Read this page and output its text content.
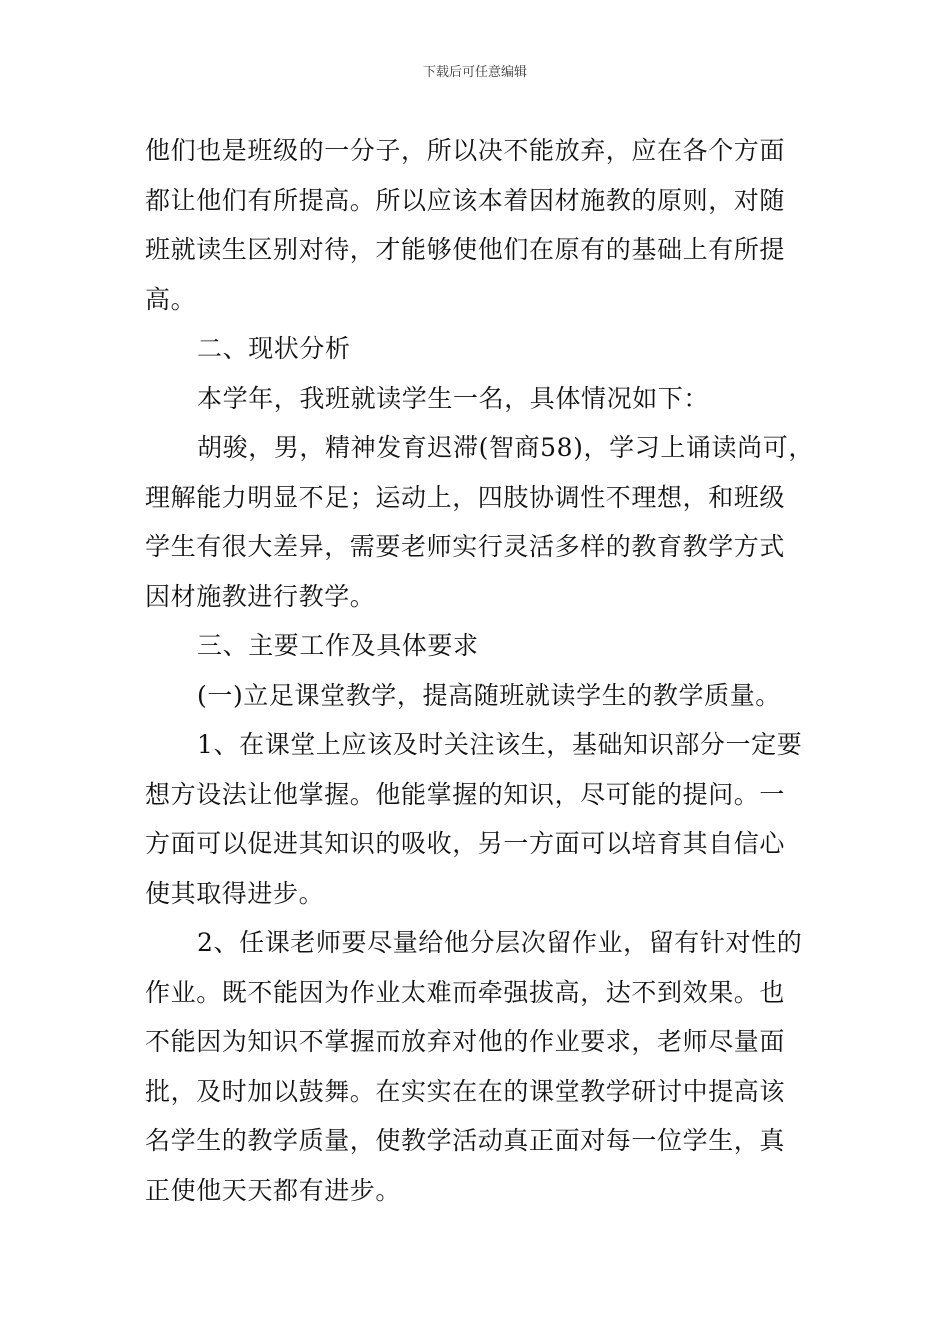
下载后可任意编辑
他们也是班级的一分子，所以决不能放弃，应在各个方面
都让他们有所提高。所以应该本着因材施教的原则，对随
班就读生区别对待，才能够使他们在原有的基础上有所提
高。
二、现状分析
本学年，我班就读学生一名，具体情况如下：
胡骏，男，精神发育迟滞(智商58)，学习上诵读尚可，
理解能力明显不足；运动上，四肢协调性不理想，和班级
学生有很大差异，需要老师实行灵活多样的教育教学方式
因材施教进行教学。
三、主要工作及具体要求
(一)立足课堂教学，提高随班就读学生的教学质量。
1、在课堂上应该及时关注该生，基础知识部分一定要
想方设法让他掌握。他能掌握的知识，尽可能的提问。一
方面可以促进其知识的吸收，另一方面可以培育其自信心
使其取得进步。
2、任课老师要尽量给他分层次留作业，留有针对性的
作业。既不能因为作业太难而牵强拔高，达不到效果。也
不能因为知识不掌握而放弃对他的作业要求，老师尽量面
批，及时加以鼓舞。在实实在在的课堂教学研讨中提高该
名学生的教学质量，使教学活动真正面对每一位学生，真
正使他天天都有进步。
